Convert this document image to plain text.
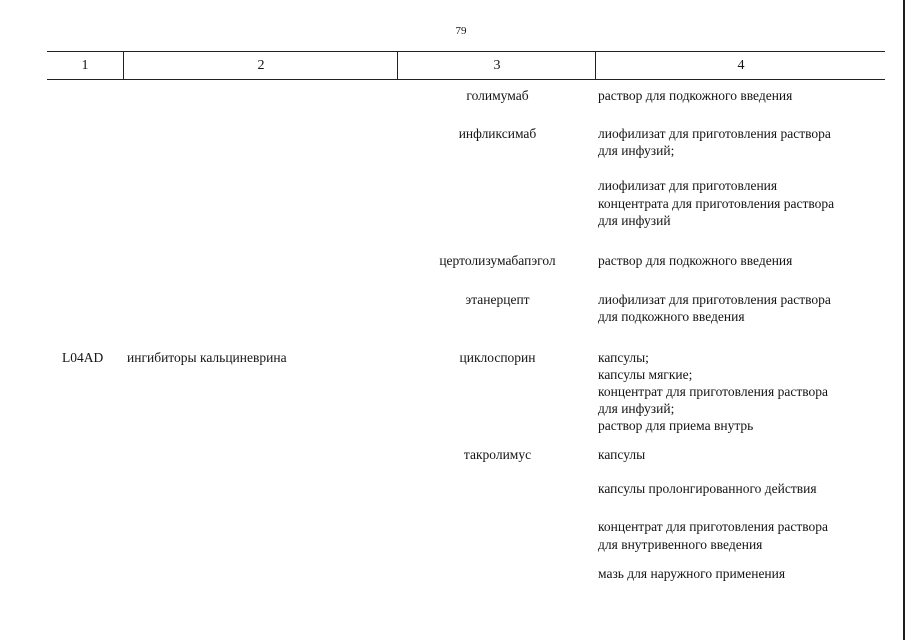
79
1	2	3	4
голимумаб	раствор для подкожного введения
инфликсимаб	лиофилизат для приготовления раствора
для инфузий;
лиофилизат для приготовления
концентрата для приготовления раствора
для инфузий
цертолизумабапэгол	раствор для подкожного введения
этанерцепт	лиофилизат для приготовления раствора
для подкожного введения
L04AD ингибиторы кальциневрина	циклоспорин	капсулы;
капсулы мягкие;
концентрат для приготовления раствора
для инфузий;
раствор для приема внутрь
такролимус	капсулы
капсулы пролонгированного действия
концентрат для приготовления раствора
для внутривенного введения
мазь для наружного применения
